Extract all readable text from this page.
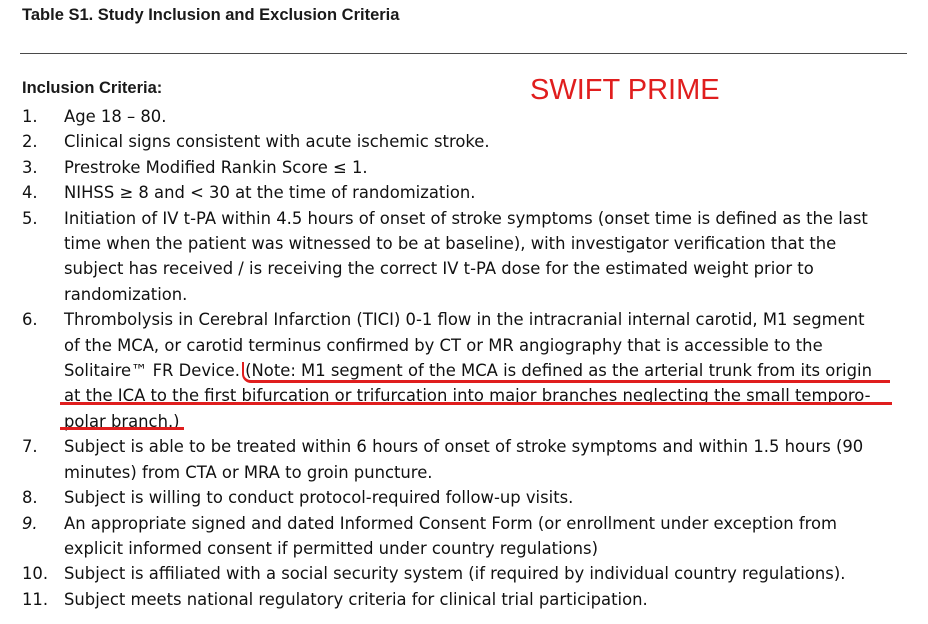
Table S1. Study Inclusion and Exclusion Criteria
Inclusion Criteria:	SWIFT PRIME
1.	Age 18 – 80.
2.	Clinical signs consistent with acute ischemic stroke.
3.	Prestroke Modified Rankin Score ≤ 1.
4.	NIHSS ≥ 8 and < 30 at the time of randomization.
5.	Initiation of IV t-PA within 4.5 hours of onset of stroke symptoms (onset time is defined as the last
time when the patient was witnessed to be at baseline), with investigator verification that the
subject has received / is receiving the correct IV t-PA dose for the estimated weight prior to
randomization.
6.	Thrombolysis in Cerebral Infarction (TICI) 0-1 flow in the intracranial internal carotid, M1 segment
of the MCA, or carotid terminus confirmed by CT or MR angiography that is accessible to the
Solitaire™ FR Device. (Note: M1 segment of the MCA is defined as the arterial trunk from its origin
at the ICA to the first bifurcation or trifurcation into major branches neglecting the small temporo-
polar branch.)
7.	Subject is able to be treated within 6 hours of onset of stroke symptoms and within 1.5 hours (90
minutes) from CTA or MRA to groin puncture.
8.	Subject is willing to conduct protocol-required follow-up visits.
9.	An appropriate signed and dated Informed Consent Form (or enrollment under exception from
explicit informed consent if permitted under country regulations)
10. Subject is affiliated with a social security system (if required by individual country regulations).
11. Subject meets national regulatory criteria for clinical trial participation.
